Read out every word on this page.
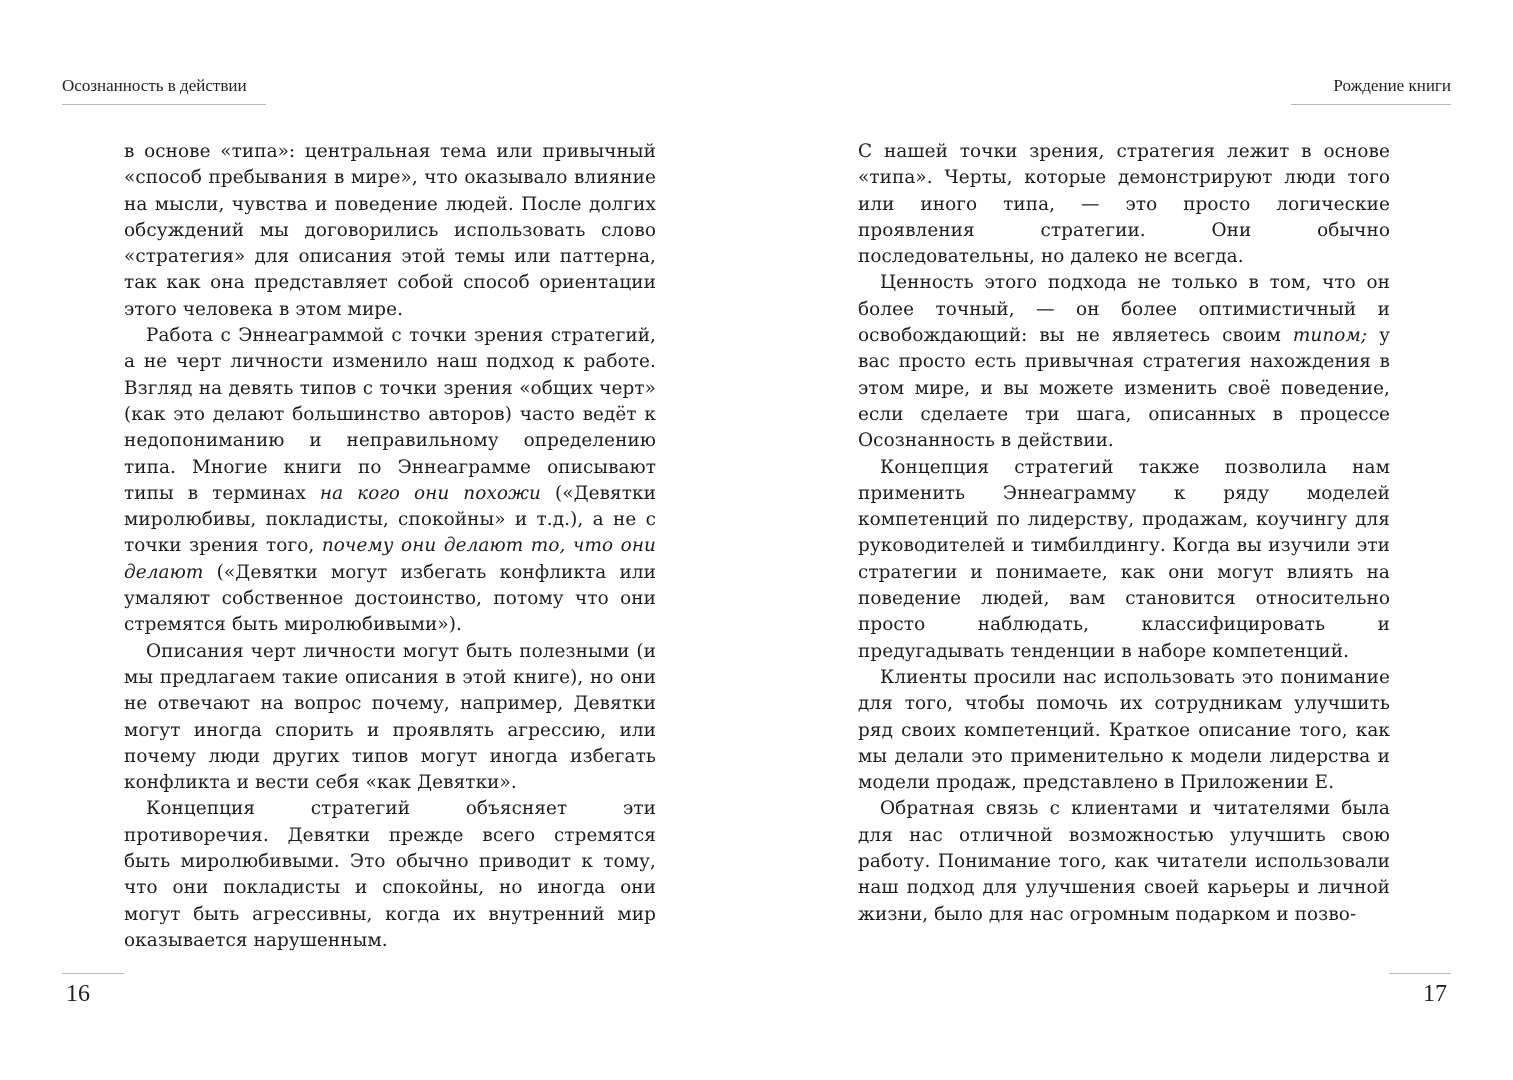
Осознанность в действии

в основе «типа»: центральная тема или привычный «способ пребывания в мире», что оказывало влияние на мысли, чувства и поведение людей. После долгих обсуждений мы договорились использовать слово «стратегия» для описания этой темы или паттерна, так как она представляет собой способ ориентации этого человека в этом мире.

Работа с Эннеаграммой с точки зрения стратегий, а не черт личности изменило наш подход к работе. Взгляд на девять типов с точки зрения «общих черт» (как это делают большинство авторов) часто ведёт к недопониманию и неправильному определению типа. Многие книги по Эннеаграмме описывают типы в терминах на кого они похожи («Девятки миролюбивы, покладисты, спокойны» и т.д.), а не с точки зрения того, почему они делают то, что они делают («Девятки могут избегать конфликта или умаляют собственное достоинство, потому что они стремятся быть миролюбивыми»).

Описания черт личности могут быть полезными (и мы предлагаем такие описания в этой книге), но они не отвечают на вопрос почему, например, Девятки могут иногда спорить и проявлять агрессию, или почему люди других типов могут иногда избегать конфликта и вести себя «как Девятки».

Концепция стратегий объясняет эти противоречия. Девятки прежде всего стремятся быть миролюбивыми. Это обычно приводит к тому, что они покладисты и спокойны, но иногда они могут быть агрессивны, когда их внутренний мир оказывается нарушенным.

16
Рождение книги

С нашей точки зрения, стратегия лежит в основе «типа». Черты, которые демонстрируют люди того или иного типа, — это просто логические проявления стратегии. Они обычно последовательны, но далеко не всегда.

Ценность этого подхода не только в том, что он более точный, — он более оптимистичный и освобождающий: вы не являетесь своим типом; у вас просто есть привычная стратегия нахождения в этом мире, и вы можете изменить своё поведение, если сделаете три шага, описанных в процессе Осознанность в действии.

Концепция стратегий также позволила нам применить Эннеаграмму к ряду моделей компетенций по лидерству, продажам, коучингу для руководителей и тимбилдингу. Когда вы изучили эти стратегии и понимаете, как они могут влиять на поведение людей, вам становится относительно просто наблюдать, классифицировать и предугадывать тенденции в наборе компетенций.

Клиенты просили нас использовать это понимание для того, чтобы помочь их сотрудникам улучшить ряд своих компетенций. Краткое описание того, как мы делали это применительно к модели лидерства и модели продаж, представлено в Приложении Е.

Обратная связь с клиентами и читателями была для нас отличной возможностью улучшить свою работу. Понимание того, как читатели использовали наш подход для улучшения своей карьеры и личной жизни, было для нас огромным подарком и позво-

17
